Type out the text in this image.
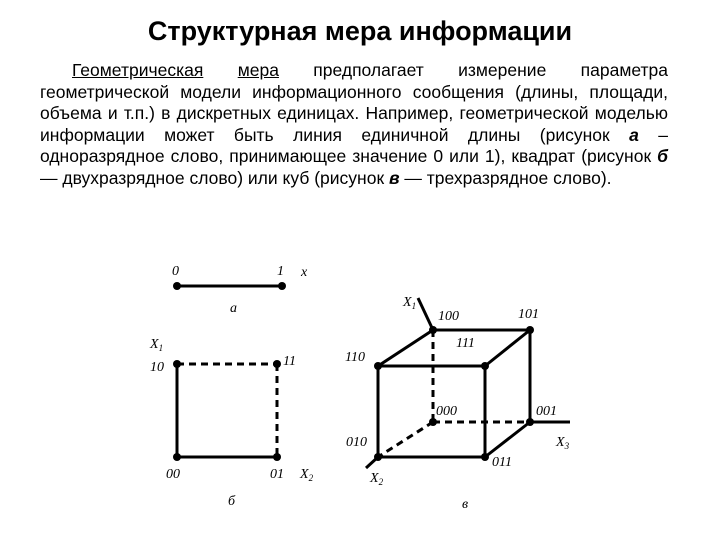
Структурная мера информации
Геометрическая мера предполагает измерение параметра геометрической модели информационного сообщения (длины, площади, объема и т.п.) в дискретных единицах. Например, геометрической моделью информации может быть линия единичной длины (рисунок а – одноразрядное слово, принимающее значение 0 или 1), квадрат (рисунок б — двухразрядное слово) или куб (рисунок в — трехразрядное слово).
0	1 x
а
$X_1$
10	11
00	01 $X_2$
б
$X_1$
100	101
110
111
000	001
010
011
$X_3$
$X_2$
в
